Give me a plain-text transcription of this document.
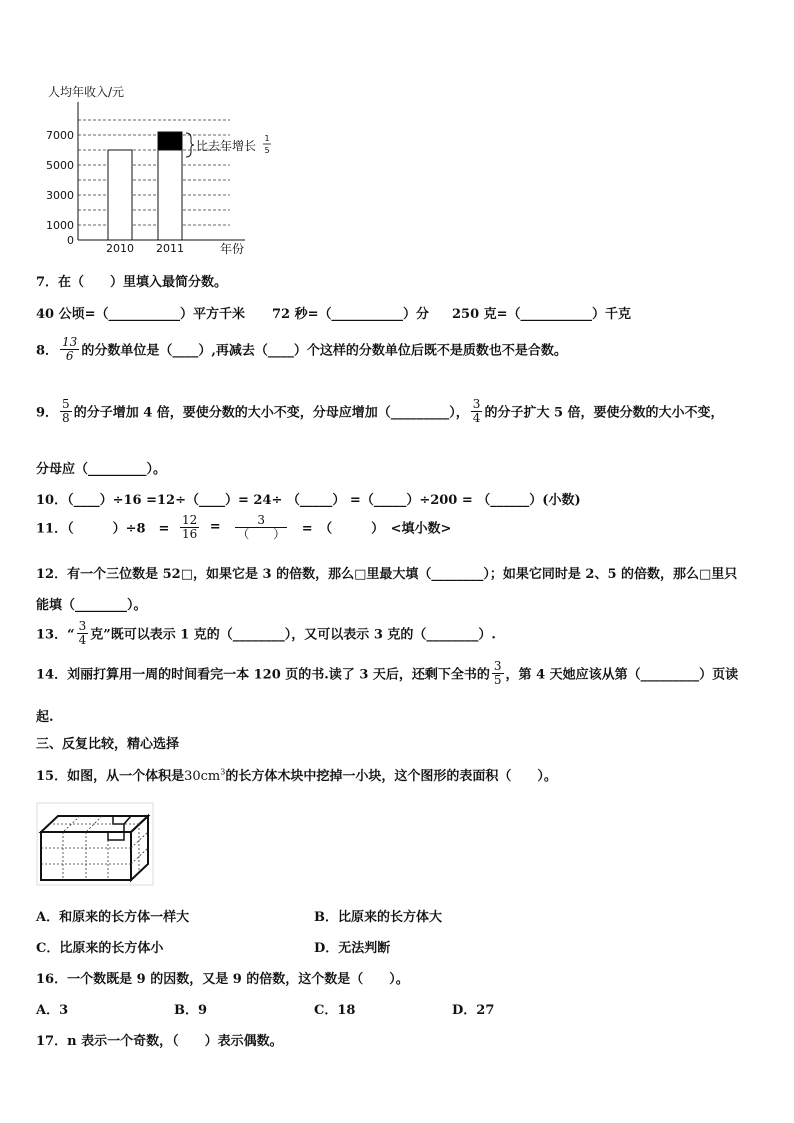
人均年收入/元
0
1000
3000
5000
7000
2010 2011	年份
比去年增长
1
5
7．在（　　）里填入最简分数。
40 公顷=（___________）平方千米 72 秒=（___________）分 250 克=（___________）千克
8． $\frac{13}{6}$ 的分数单位是（____）,再减去（____）个这样的分数单位后既不是质数也不是合数。
9． $\frac{5}{8}$ 的分子增加 4 倍，要使分数的大小不变，分母应增加（_________）， $\frac{3}{4}$ 的分子扩大 5 倍，要使分数的大小不变，
分母应（_________）。
10．（____）÷16 =12÷（____）= 24÷ （_____） =（_____）÷200 = （______）(小数)
11．（　　　）÷8　= $\frac{12}{16} = \frac{3}{( )}$ =　（　　　）　<填小数>
12．有一个三位数是 52□，如果它是 3 的倍数，那么□里最大填（________）；如果它同时是 2、5 的倍数，那么□里只
能填（________）。
13．“ $\frac{3}{4}$ 克”既可以表示 1 克的（________），又可以表示 3 克的（________）.
14．刘丽打算用一周的时间看完一本 120 页的书.读了 3 天后，还剩下全书的 $\frac{3}{5}$ ，第 4 天她应该从第（_________）页读
起.
三、反复比较，精心选择
15．如图，从一个体积是$30cm^3$的长方体木块中挖掉一小块，这个图形的表面积（　　）。
A．和原来的长方体一样大	B．比原来的长方体大
C．比原来的长方体小	D．无法判断
16．一个数既是 9 的因数，又是 9 的倍数，这个数是（　　）。
A．3	B．9	C．18	D．27
17．n 表示一个奇数，（　　）表示偶数。
